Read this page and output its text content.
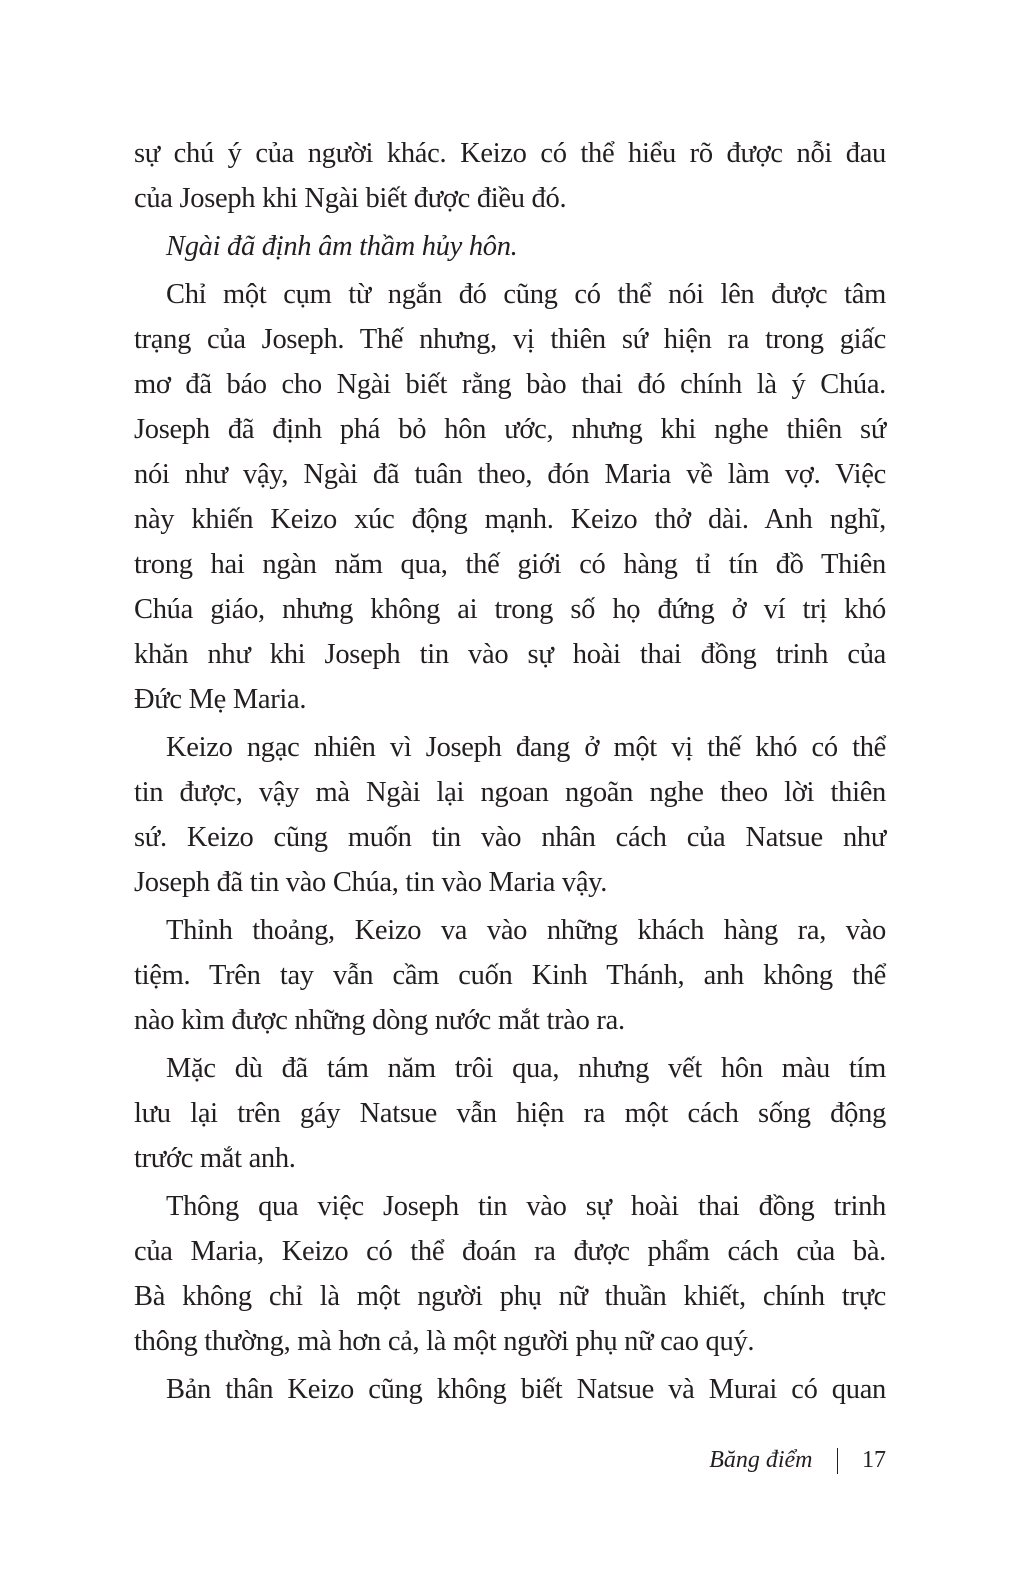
sự chú ý của người khác. Keizo có thể hiểu rõ được nỗi đau
của Joseph khi Ngài biết được điều đó.
Ngài đã định âm thầm hủy hôn.
Chỉ một cụm từ ngắn đó cũng có thể nói lên được tâm
trạng của Joseph. Thế nhưng, vị thiên sứ hiện ra trong giấc
mơ đã báo cho Ngài biết rằng bào thai đó chính là ý Chúa.
Joseph đã định phá bỏ hôn ước, nhưng khi nghe thiên sứ
nói như vậy, Ngài đã tuân theo, đón Maria về làm vợ. Việc
này khiến Keizo xúc động mạnh. Keizo thở dài. Anh nghĩ,
trong hai ngàn năm qua, thế giới có hàng tỉ tín đồ Thiên
Chúa giáo, nhưng không ai trong số họ đứng ở ví trị khó
khăn như khi Joseph tin vào sự hoài thai đồng trinh của
Đức Mẹ Maria.
Keizo ngạc nhiên vì Joseph đang ở một vị thế khó có thể
tin được, vậy mà Ngài lại ngoan ngoãn nghe theo lời thiên
sứ. Keizo cũng muốn tin vào nhân cách của Natsue như
Joseph đã tin vào Chúa, tin vào Maria vậy.
Thỉnh thoảng, Keizo va vào những khách hàng ra, vào
tiệm. Trên tay vẫn cầm cuốn Kinh Thánh, anh không thể
nào kìm được những dòng nước mắt trào ra.
Mặc dù đã tám năm trôi qua, nhưng vết hôn màu tím
lưu lại trên gáy Natsue vẫn hiện ra một cách sống động
trước mắt anh.
Thông qua việc Joseph tin vào sự hoài thai đồng trinh
của Maria, Keizo có thể đoán ra được phẩm cách của bà.
Bà không chỉ là một người phụ nữ thuần khiết, chính trực
thông thường, mà hơn cả, là một người phụ nữ cao quý.
Bản thân Keizo cũng không biết Natsue và Murai có quan
Băng điểm 17
